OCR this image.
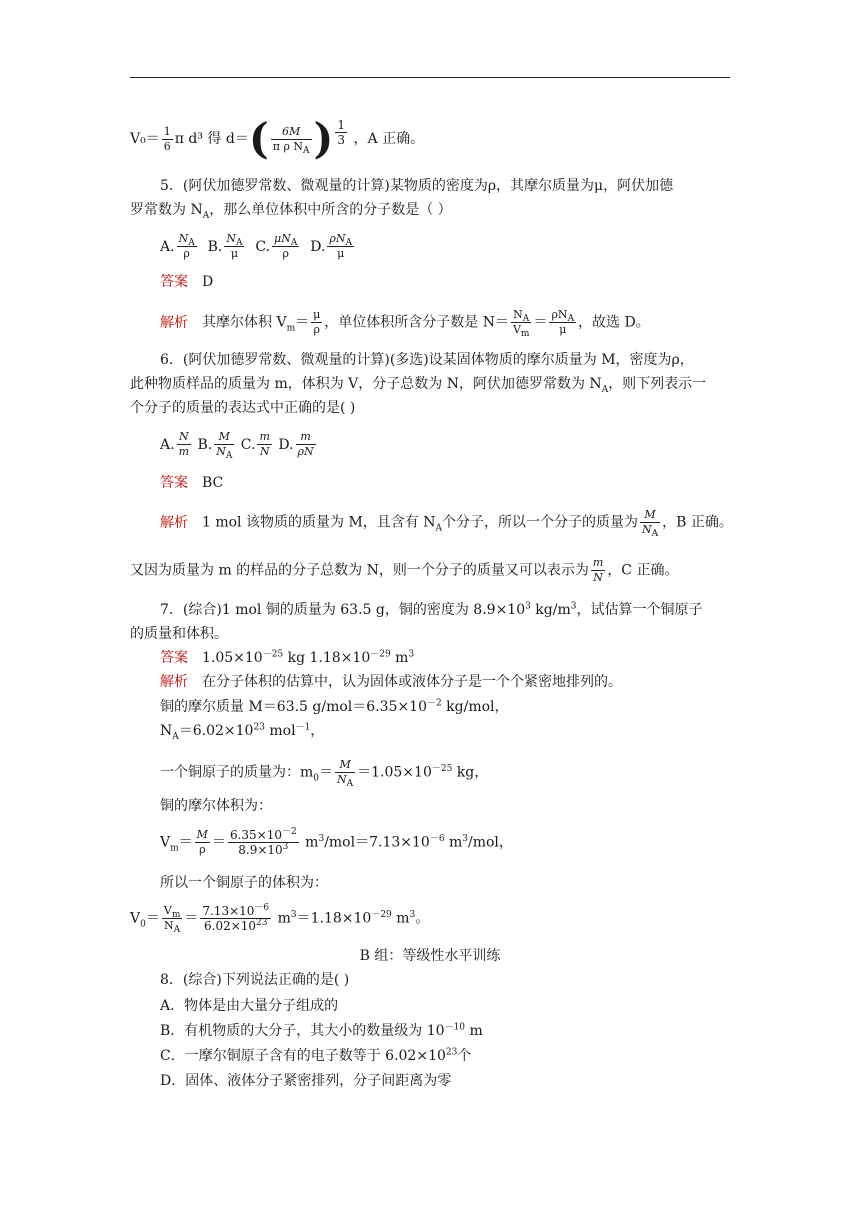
$V_0= \frac{1}{6}$ π d³ 得 $d=( \frac{6M}{\pi \rho N_A}$ ) $\frac{1}{3}$ ，A 正确。
5．(阿伏加德罗常数、微观量的计算)某物质的密度为ρ，其摩尔质量为μ，阿伏加德
罗常数为 $N_A$，那么单位体积中所含的分子数是（ ）
A. $\frac{N_A}{\rho} B$. $\frac{N_A}{\mu} C$. $\frac{\mu N_A}{\rho} D$. $\frac{\rho N_A}{\mu}$
答案 D
解析 其摩尔体积 $V_m= \frac{\mu}{\rho}$ ，单位体积所含分子数是 $N= \frac{N_A}{V_m} = \frac{\rho N_A}{\mu}$ ，故选 D。
6．(阿伏加德罗常数、微观量的计算)(多选)设某固体物质的摩尔质量为 M，密度为ρ，
此种物质样品的质量为 m，体积为 V，分子总数为 N，阿伏加德罗常数为 $N_A$，则下列表示一
个分子的质量的表达式中正确的是( )
A. $\frac{N}{m} B$. $\frac{M}{N_A} C$. $\frac{m}{N} D$. $\frac{m}{\rho N}$
答案 BC
解析 1 mol 该物质的质量为 M，且含有 $N_A$个分子，所以一个分子的质量为 $\frac{M}{N_A}$ ，B 正确。
又因为质量为 m 的样品的分子总数为 N，则一个分子的质量又可以表示为 $\frac{m}{N}$ ，C 正确。
7．(综合)1 mol 铜的质量为 63.5 g，铜的密度为 $8.9\times 10^3$ $kg/m^3$，试估算一个铜原子
的质量和体积。
答案 $1.05\times 10^{-25}$ kg $1.18\times 10^{-29}$ $m^3$
解析 在分子体积的估算中，认为固体或液体分子是一个个紧密地排列的。
铜的摩尔质量 M＝63.5 $g/mol=6.35\times 10^{-2}$ kg/mol，
$N_A=6.02\times 10^{23}$ mol$^{-1}$，
一个铜原子的质量为：$m_0= \frac{M}{N_A} =1.05\times 10^{-25}$ kg，
铜的摩尔体积为：
$V_m= \frac{M}{\rho} = \frac{6.35\times 10^{-2}}{8.9\times 10^3} m^3/mol=7.13\times 10^{-6}$ $m^3$/mol，
所以一个铜原子的体积为：
$V_0= \frac{V_m}{N_A} = \frac{7.13\times 10^{-6}}{6.02\times 10^{23}} m^3=1.18\times 10^{-29}$ $m^3$。
B 组：等级性水平训练
8．(综合)下列说法正确的是( )
A．物体是由大量分子组成的
B．有机物质的大分子，其大小的数量级为 $10^{-10}$ m
C．一摩尔铜原子含有的电子数等于 $6.02\times 10^{23}$个
D．固体、液体分子紧密排列，分子间距离为零
